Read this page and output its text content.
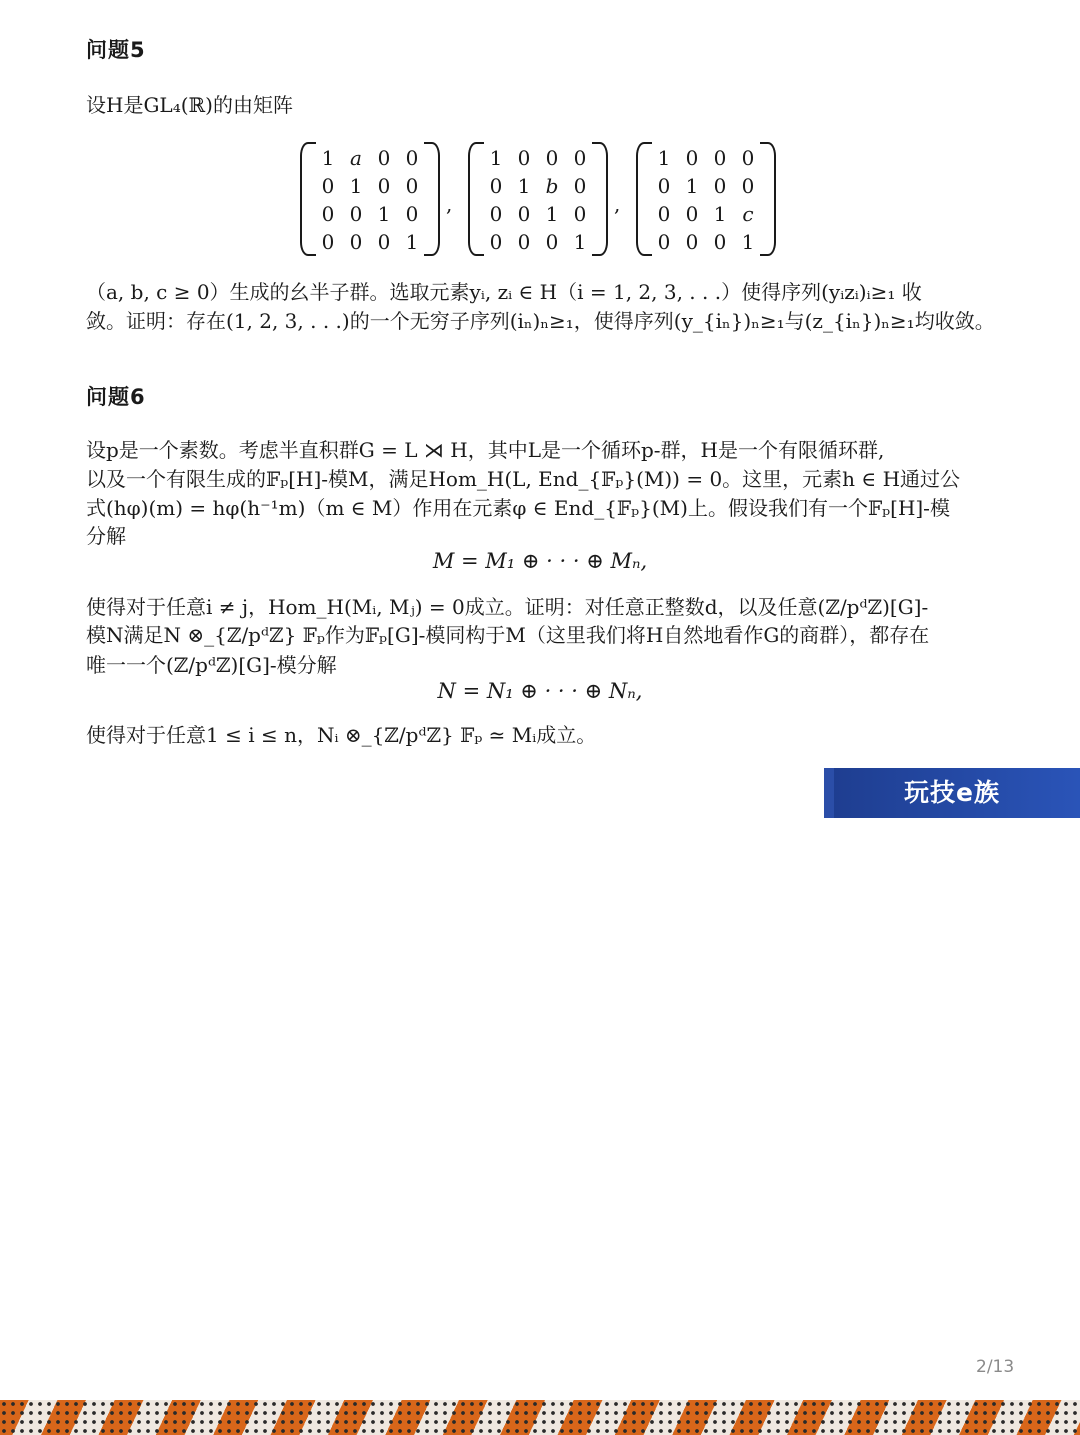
问题5
设H是GL₄(ℝ)的由矩阵
1 a 0 0
0 1 0 0
0 0 1 0
0 0 0 1
,
1 0 0 0
0 1 b 0
0 0 1 0
0 0 0 1
,
1 0 0 0
0 1 0 0
0 0 1 c
0 0 0 1
（a, b, c ≥ 0）生成的幺半子群。选取元素yᵢ, zᵢ ∈ H（i = 1, 2, 3, . . .）使得序列(yᵢzᵢ)ᵢ≥₁ 收
敛。证明：存在(1, 2, 3, . . .)的一个无穷子序列(iₙ)ₙ≥₁，使得序列(y_{iₙ})ₙ≥₁与(z_{iₙ})ₙ≥₁均收敛。
问题6
设p是一个素数。考虑半直积群G = L ⋊ H，其中L是一个循环p-群，H是一个有限循环群,
以及一个有限生成的𝔽ₚ[H]-模M，满足Hom_H(L, End_{𝔽ₚ}(M)) = 0。这里，元素h ∈ H通过公
式(hφ)(m) = hφ(h⁻¹m)（m ∈ M）作用在元素φ ∈ End_{𝔽ₚ}(M)上。假设我们有一个𝔽ₚ[H]-模
分解
M = M₁ ⊕ · · · ⊕ Mₙ,
使得对于任意i ≠ j，Hom_H(Mᵢ, Mⱼ) = 0成立。证明：对任意正整数d，以及任意(ℤ/pᵈℤ)[G]-
模N满足N ⊗_{ℤ/pᵈℤ} 𝔽ₚ作为𝔽ₚ[G]-模同构于M（这里我们将H自然地看作G的商群），都存在
唯一一个(ℤ/pᵈℤ)[G]-模分解
N = N₁ ⊕ · · · ⊕ Nₙ,
使得对于任意1 ≤ i ≤ n，Nᵢ ⊗_{ℤ/pᵈℤ} 𝔽ₚ ≃ Mᵢ成立。
玩技e族
2/13
